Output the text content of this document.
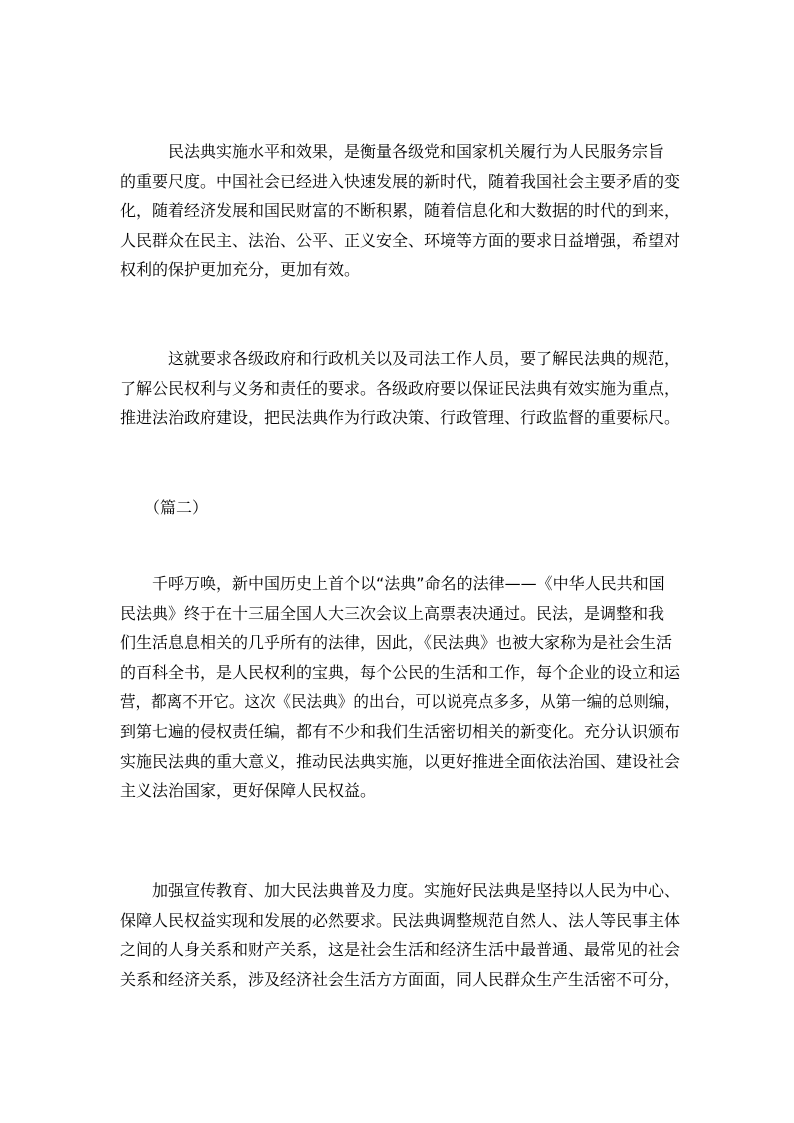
　　　民法典实施水平和效果，是衡量各级党和国家机关履行为人民服务宗旨
的重要尺度。中国社会已经进入快速发展的新时代，随着我国社会主要矛盾的变
化，随着经济发展和国民财富的不断积累，随着信息化和大数据的时代的到来，
人民群众在民主、法治、公平、正义安全、环境等方面的要求日益增强，希望对
权利的保护更加充分，更加有效。
　　　这就要求各级政府和行政机关以及司法工作人员，要了解民法典的规范，
了解公民权利与义务和责任的要求。各级政府要以保证民法典有效实施为重点，
推进法治政府建设，把民法典作为行政决策、行政管理、行政监督的重要标尺。
　　（篇二）
　　千呼万唤，新中国历史上首个以“法典”命名的法律——《中华人民共和国
民法典》终于在十三届全国人大三次会议上高票表决通过。民法，是调整和我
们生活息息相关的几乎所有的法律，因此，《民法典》也被大家称为是社会生活
的百科全书，是人民权利的宝典，每个公民的生活和工作，每个企业的设立和运
营，都离不开它。这次《民法典》的出台，可以说亮点多多，从第一编的总则编，
到第七遍的侵权责任编，都有不少和我们生活密切相关的新变化。充分认识颁布
实施民法典的重大意义，推动民法典实施，以更好推进全面依法治国、建设社会
主义法治国家，更好保障人民权益。
　　加强宣传教育、加大民法典普及力度。实施好民法典是坚持以人民为中心、
保障人民权益实现和发展的必然要求。民法典调整规范自然人、法人等民事主体
之间的人身关系和财产关系，这是社会生活和经济生活中最普通、最常见的社会
关系和经济关系，涉及经济社会生活方方面面，同人民群众生产生活密不可分，
